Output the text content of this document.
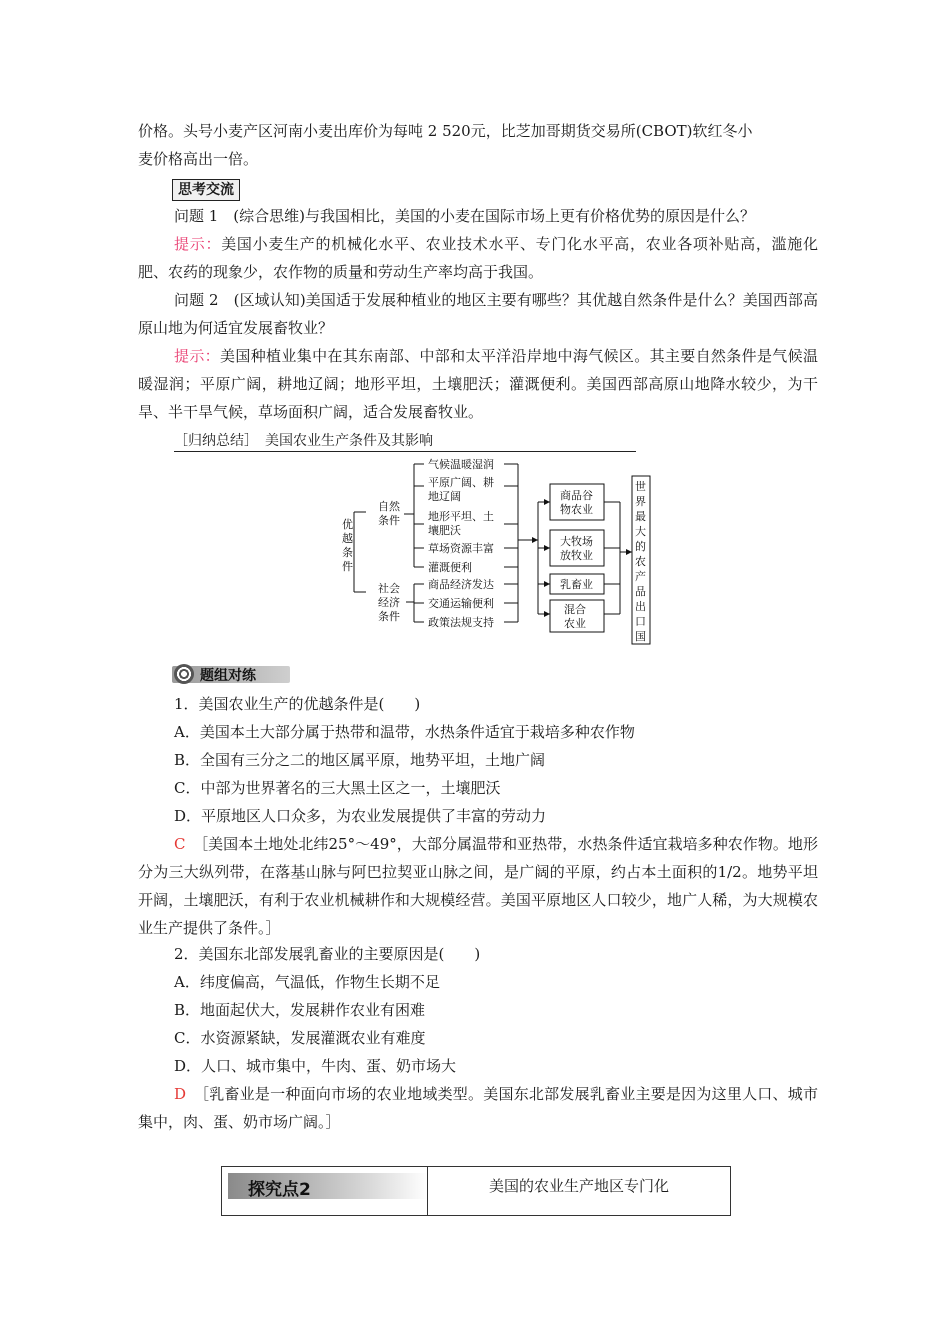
价格。头号小麦产区河南小麦出库价为每吨 2 520元，比芝加哥期货交易所(CBOT)软红冬小
麦价格高出一倍。
思考交流
问题 1　(综合思维)与我国相比，美国的小麦在国际市场上更有价格优势的原因是什么？
提示：美国小麦生产的机械化水平、农业技术水平、专门化水平高，农业各项补贴高，滥施化肥、农药的现象少，农作物的质量和劳动生产率均高于我国。
问题 2　(区域认知)美国适于发展种植业的地区主要有哪些？其优越自然条件是什么？美国西部高原山地为何适宜发展畜牧业？
提示：美国种植业集中在其东南部、中部和太平洋沿岸地中海气候区。其主要自然条件是气候温暖湿润；平原广阔，耕地辽阔；地形平坦，土壤肥沃；灌溉便利。美国西部高原山地降水较少，为干旱、半干旱气候，草场面积广阔，适合发展畜牧业。
［归纳总结］　 美国农业生产条件及其影响
优
越
条
件
自然
条件
社会
经济
条件
气候温暖湿润
平原广阔、耕
地辽阔
地形平坦、土
壤肥沃
草场资源丰富
灌溉便利
商品经济发达
交通运输便利
政策法规支持
商品谷
物农业
大牧场
放牧业
乳畜业
混合
农业
世
界
最
大
的
农
产
品
出
口
国
题组对练
1．美国农业生产的优越条件是(　　)
A．美国本土大部分属于热带和温带，水热条件适宜于栽培多种农作物
B．全国有三分之二的地区属平原，地势平坦，土地广阔
C．中部为世界著名的三大黑土区之一，土壤肥沃
D．平原地区人口众多，为农业发展提供了丰富的劳动力
C　 ［美国本土地处北纬25°～49°，大部分属温带和亚热带，水热条件适宜栽培多种农作物。地形分为三大纵列带，在落基山脉与阿巴拉契亚山脉之间，是广阔的平原，约占本土面积的1/2。地势平坦开阔，土壤肥沃，有利于农业机械耕作和大规模经营。美国平原地区人口较少，地广人稀，为大规模农业生产提供了条件。］
2．美国东北部发展乳畜业的主要原因是(　　)
A．纬度偏高，气温低，作物生长期不足
B．地面起伏大，发展耕作农业有困难
C．水资源紧缺，发展灌溉农业有难度
D．人口、城市集中，牛肉、蛋、奶市场大
D　 ［乳畜业是一种面向市场的农业地域类型。美国东北部发展乳畜业主要是因为这里人口、城市集中，肉、蛋、奶市场广阔。］
探究点2	美国的农业生产地区专门化
